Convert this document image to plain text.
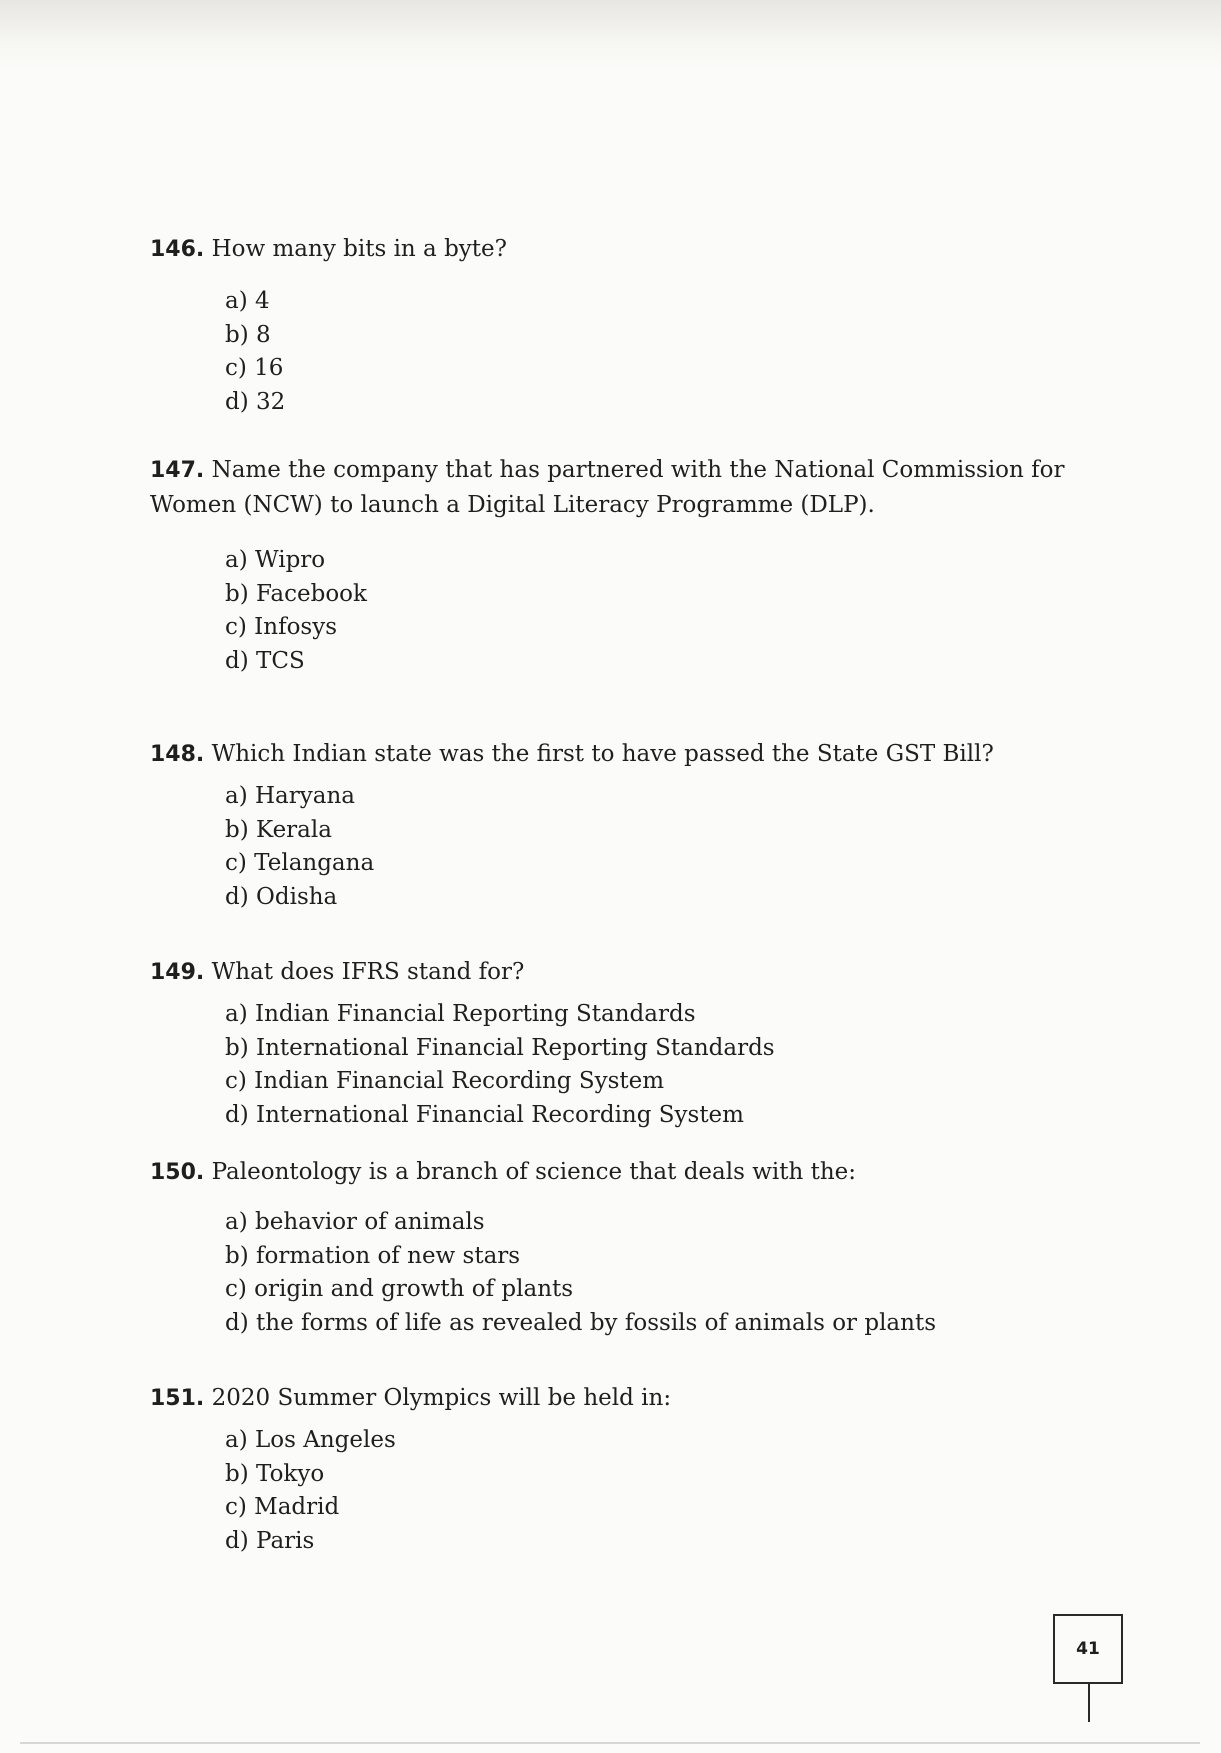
146. How many bits in a byte?

a) 4
b) 8
c) 16
d) 32

147. Name the company that has partnered with the National Commission for Women (NCW) to launch a Digital Literacy Programme (DLP).

a) Wipro
b) Facebook
c) Infosys
d) TCS

148. Which Indian state was the first to have passed the State GST Bill?

a) Haryana
b) Kerala
c) Telangana
d) Odisha

149. What does IFRS stand for?

a) Indian Financial Reporting Standards
b) International Financial Reporting Standards
c) Indian Financial Recording System
d) International Financial Recording System

150. Paleontology is a branch of science that deals with the:

a) behavior of animals
b) formation of new stars
c) origin and growth of plants
d) the forms of life as revealed by fossils of animals or plants

151. 2020 Summer Olympics will be held in:

a) Los Angeles
b) Tokyo
c) Madrid
d) Paris
41
